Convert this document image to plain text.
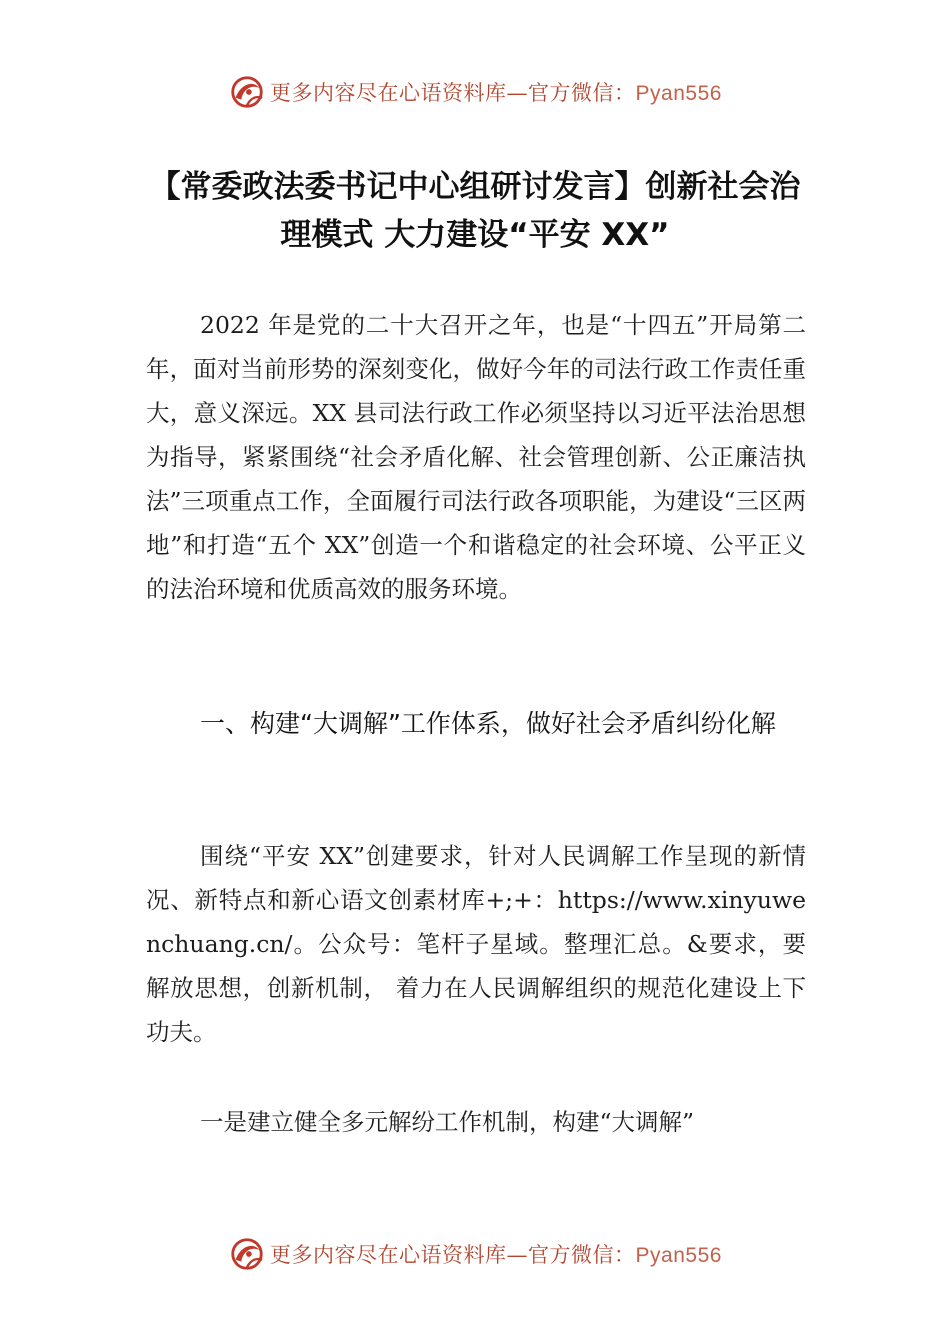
更多内容尽在心语资料库—官方微信：Pyan556
【常委政法委书记中心组研讨发言】创新社会治理模式 大力建设“平安 XX”
2022 年是党的二十大召开之年，也是“十四五”开局第二年，面对当前形势的深刻变化，做好今年的司法行政工作责任重大，意义深远。XX 县司法行政工作必须坚持以习近平法治思想为指导，紧紧围绕“社会矛盾化解、社会管理创新、公正廉洁执法”三项重点工作，全面履行司法行政各项职能，为建设“三区两地”和打造“五个 XX”创造一个和谐稳定的社会环境、公平正义的法治环境和优质高效的服务环境。
一、构建“大调解”工作体系，做好社会矛盾纠纷化解
围绕“平安 XX”创建要求，针对人民调解工作呈现的新情况、新特点和新心语文创素材库+;+：https://www.xinyuwenchuang.cn/。公众号：笔杆子星域。整理汇总。&要求，要解放思想，创新机制， 着力在人民调解组织的规范化建设上下功夫。
一是建立健全多元解纷工作机制，构建“大调解”
更多内容尽在心语资料库—官方微信：Pyan556
